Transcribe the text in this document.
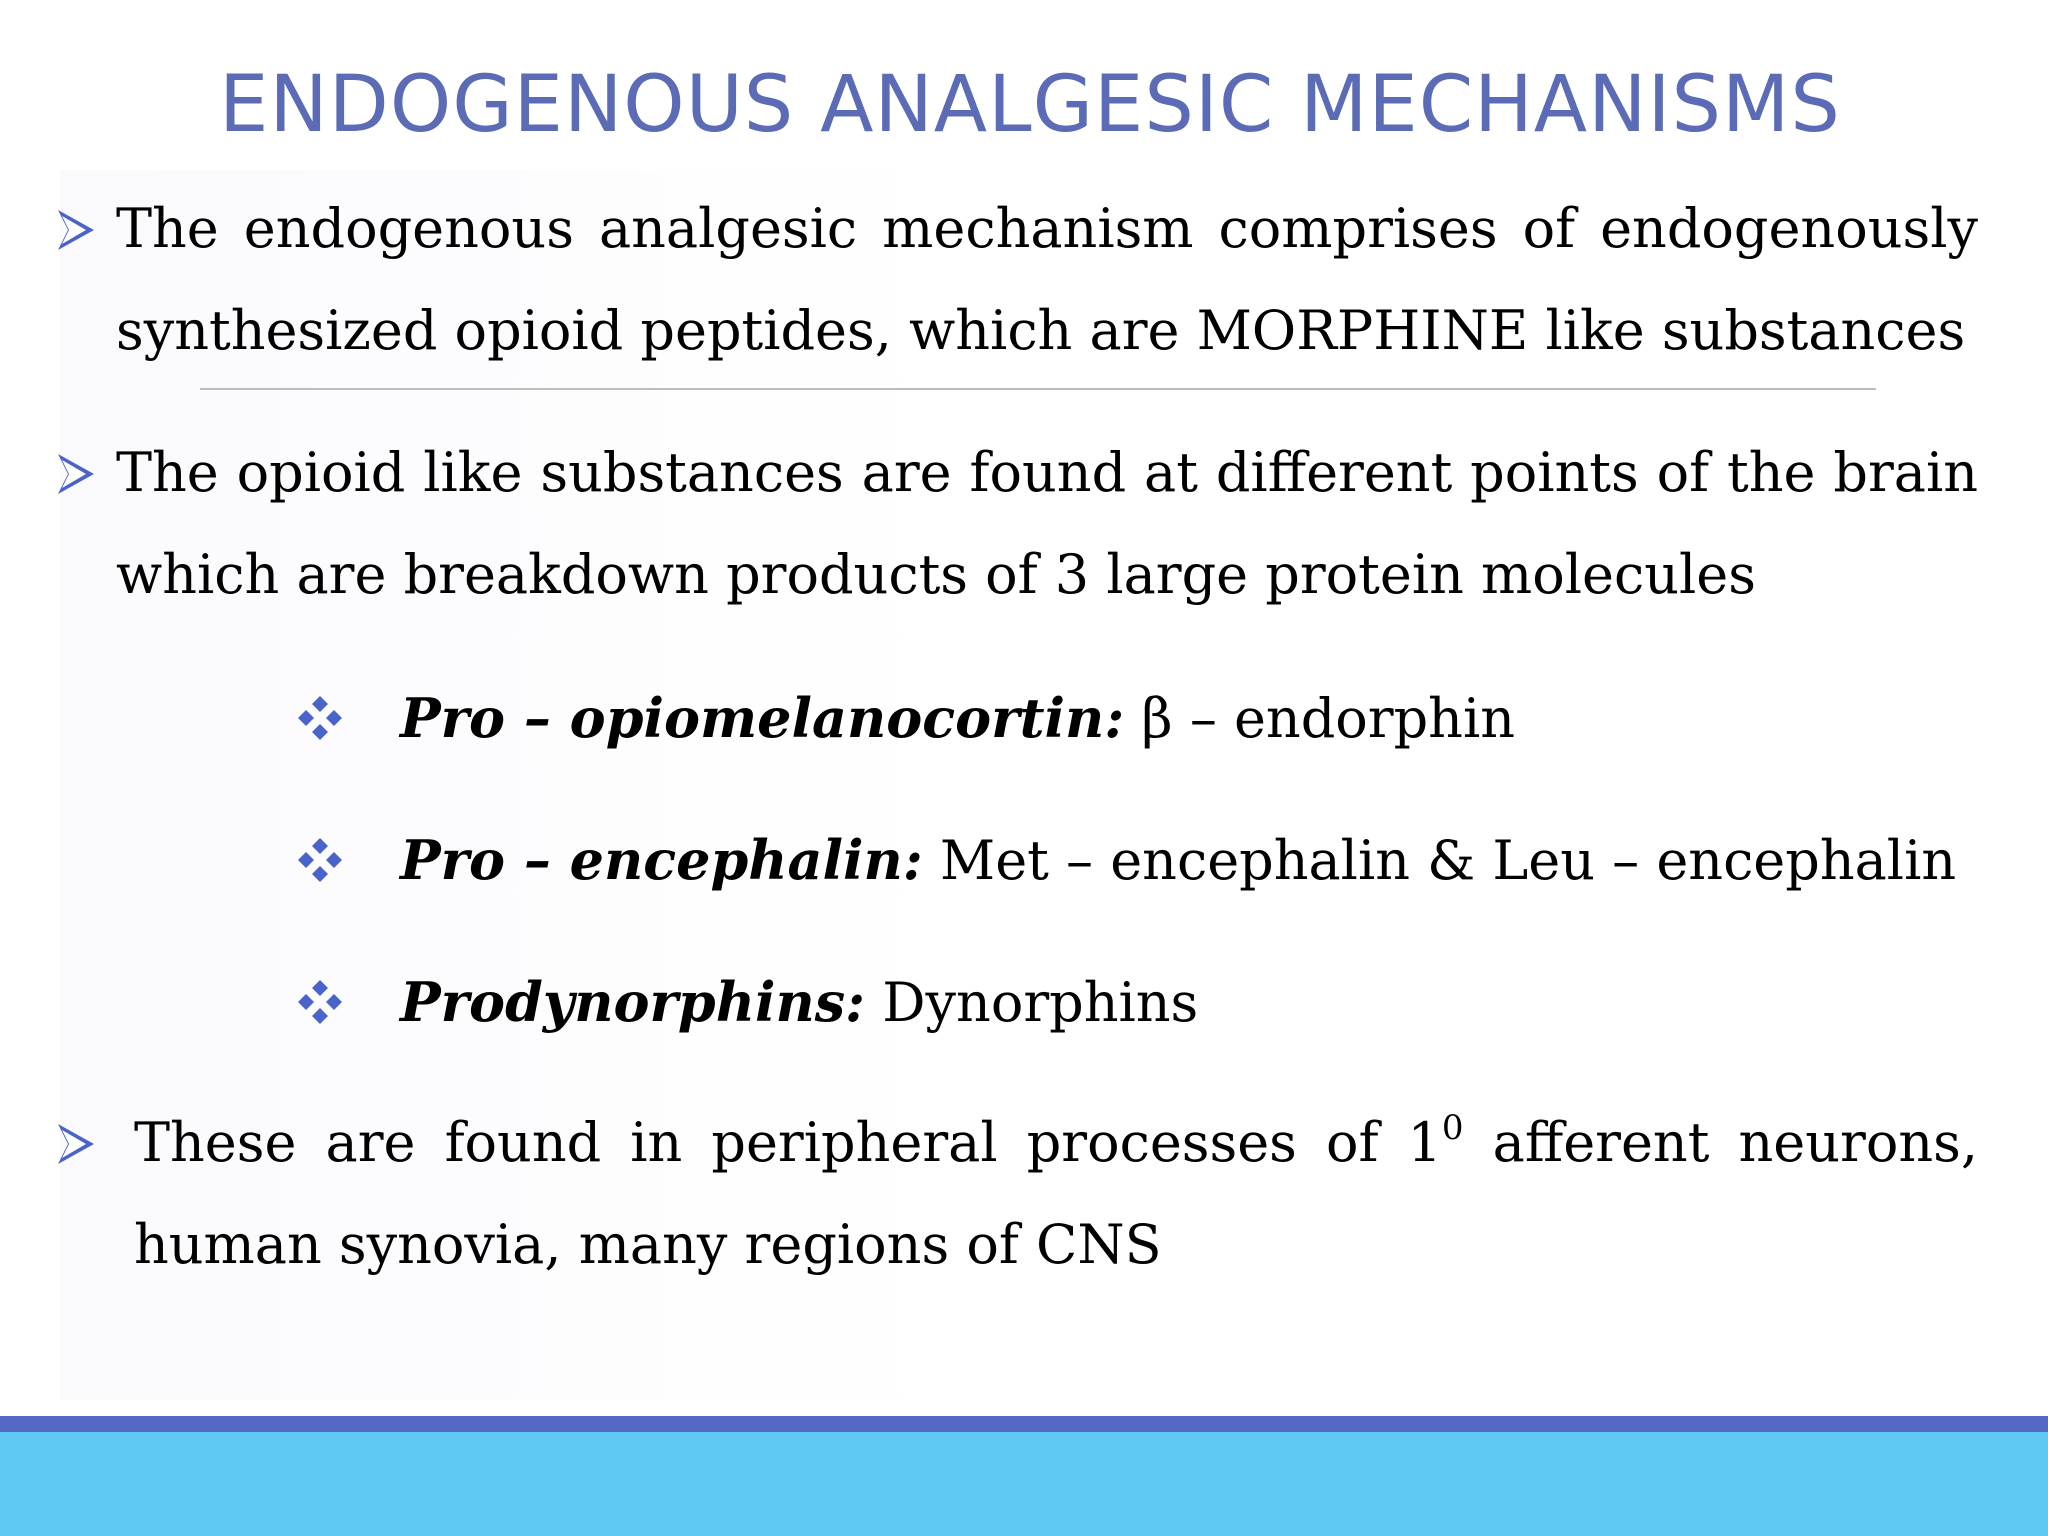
ENDOGENOUS ANALGESIC MECHANISMS
The endogenous analgesic mechanism comprises of endogenously synthesized opioid peptides, which are MORPHINE like substances
The opioid like substances are found at different points of the brain which are breakdown products of 3 large protein molecules
Pro – opiomelanocortin: β – endorphin
Pro – encephalin: Met – encephalin & Leu – encephalin
Prodynorphins: Dynorphins
These are found in peripheral processes of $1^0$ afferent neurons, human synovia, many regions of CNS
